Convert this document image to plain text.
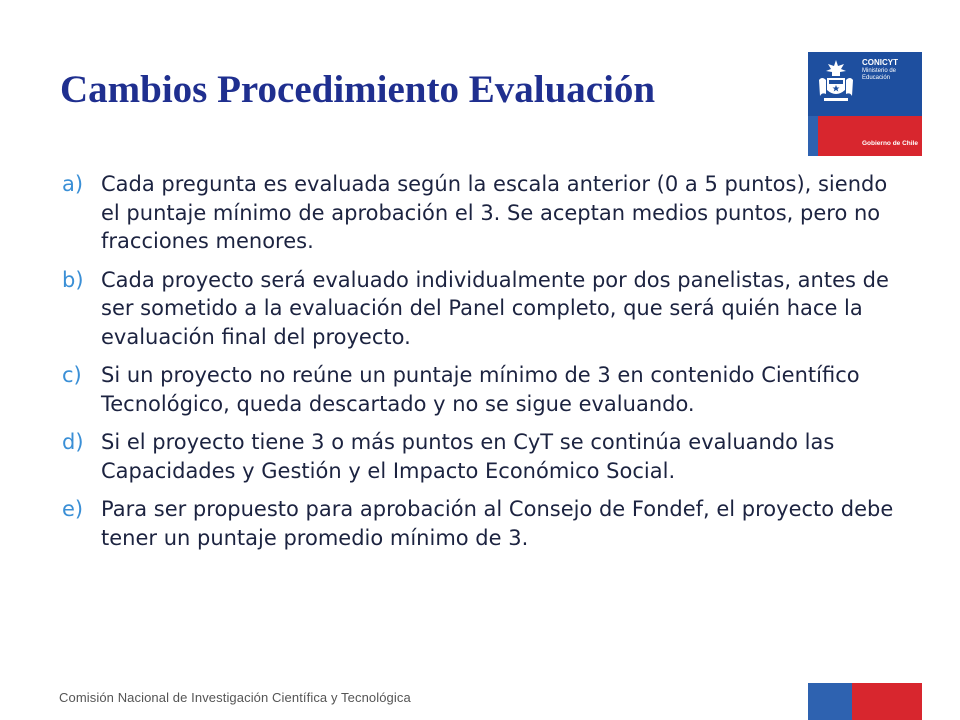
Cambios Procedimiento Evaluación
CONICYT
Ministerio de Educación
Gobierno de Chile
a) Cada pregunta es evaluada según la escala anterior (0 a 5 puntos), siendo el puntaje mínimo de aprobación el 3. Se aceptan medios puntos, pero no fracciones menores.
b) Cada proyecto será evaluado individualmente por dos panelistas, antes de ser sometido a la evaluación del Panel completo, que será quién hace la evaluación final del proyecto.
c) Si un proyecto no reúne un puntaje mínimo de 3 en contenido Científico Tecnológico, queda descartado y no se sigue evaluando.
d) Si el proyecto tiene 3 o más puntos en CyT se continúa evaluando las Capacidades y Gestión y el Impacto Económico Social.
e) Para ser propuesto para aprobación al Consejo de Fondef, el proyecto debe tener un puntaje promedio mínimo de 3.
Comisión Nacional de Investigación Científica y Tecnológica
